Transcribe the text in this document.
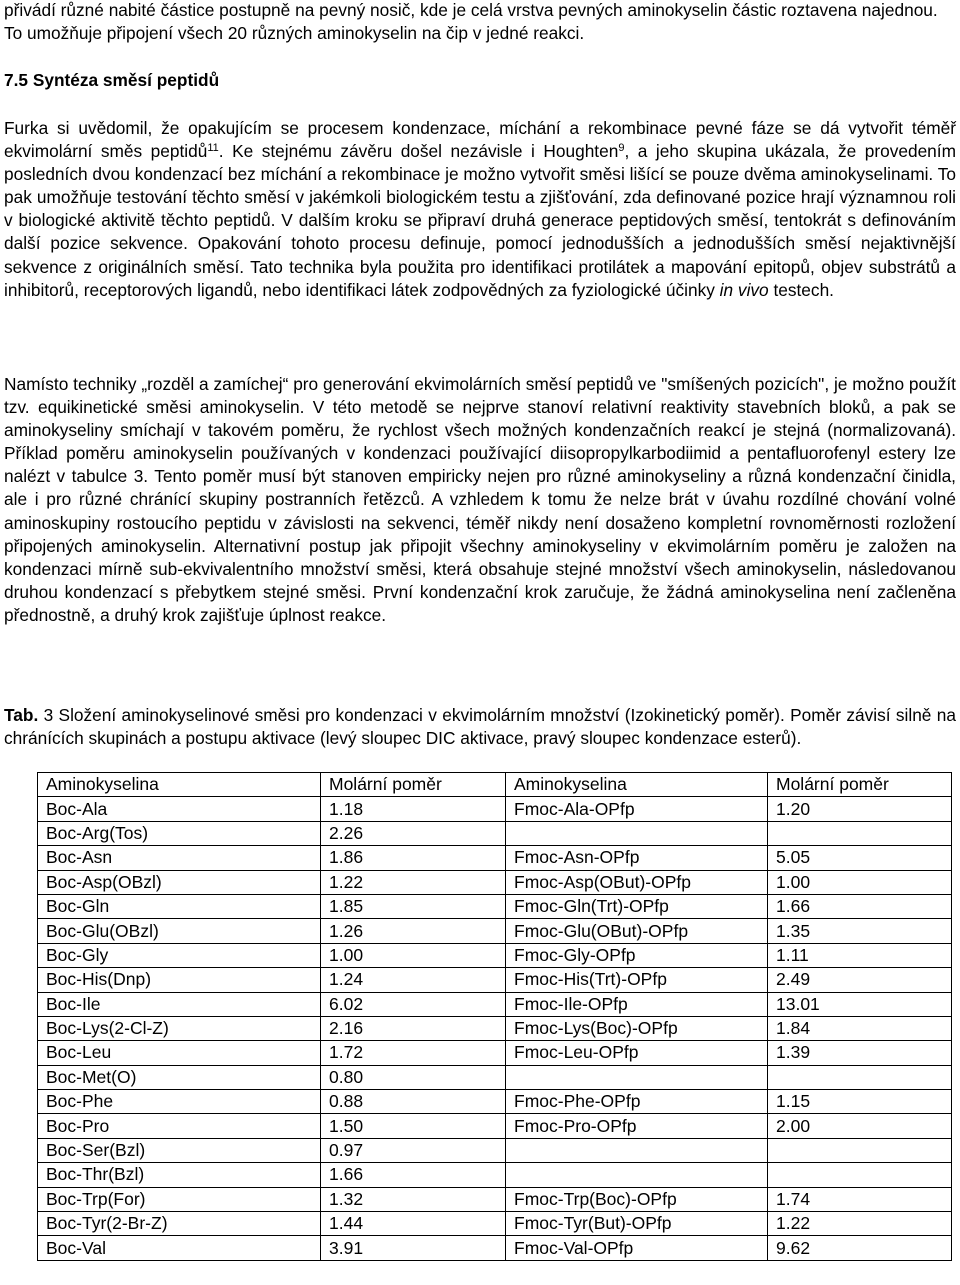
přivádí různé nabité částice postupně na pevný nosič, kde je celá vrstva pevných aminokyselin částic roztavena najednou. To umožňuje připojení všech 20 různých aminokyselin na čip v jedné reakci.

7.5 Syntéza směsí peptidů

Furka si uvědomil, že opakujícím se procesem kondenzace, míchání a rekombinace pevné fáze se dá vytvořit téměř ekvimolární směs peptidů$^{11}$. Ke stejnému závěru došel nezávisle i Houghten$^9$, a jeho skupina ukázala, že provedením posledních dvou kondenzací bez míchání a rekombinace je možno vytvořit směsi lišící se pouze dvěma aminokyselinami. To pak umožňuje testování těchto směsí v jakémkoli biologickém testu a zjišťování, zda definované pozice hrají významnou roli v biologické aktivitě těchto peptidů. V dalším kroku se připraví druhá generace peptidových směsí, tentokrát s definováním další pozice sekvence. Opakování tohoto procesu definuje, pomocí jednodušších a jednodušších směsí nejaktivnější sekvence z originálních směsí. Tato technika byla použita pro identifikaci protilátek a mapování epitopů, objev substrátů a inhibitorů, receptorových ligandů, nebo identifikaci látek zodpovědných za fyziologické účinky in vivo testech.

Namísto techniky „rozděl a zamíchej“ pro generování ekvimolárních směsí peptidů ve "smíšených pozicích", je možno použít tzv. equikinetické směsi aminokyselin. V této metodě se nejprve stanoví relativní reaktivity stavebních bloků, a pak se aminokyseliny smíchají v takovém poměru, že rychlost všech možných kondenzačních reakcí je stejná (normalizovaná). Příklad poměru aminokyselin používaných v kondenzaci používající diisopropylkarbodiimid a pentafluorofenyl estery lze nalézt v tabulce 3. Tento poměr musí být stanoven empiricky nejen pro různé aminokyseliny a různá kondenzační činidla, ale i pro různé chránící skupiny postranních řetězců. A vzhledem k tomu že nelze brát v úvahu rozdílné chování volné aminoskupiny rostoucího peptidu v závislosti na sekvenci, téměř nikdy není dosaženo kompletní rovnoměrnosti rozložení připojených aminokyselin. Alternativní postup jak připojit všechny aminokyseliny v ekvimolárním poměru je založen na kondenzaci mírně sub-ekvivalentního množství směsi, která obsahuje stejné množství všech aminokyselin, následovanou druhou kondenzací s přebytkem stejné směsi. První kondenzační krok zaručuje, že žádná aminokyselina není začleněna přednostně, a druhý krok zajišťuje úplnost reakce.

Tab. 3 Složení aminokyselinové směsi pro kondenzaci v ekvimolárním množství (Izokinetický poměr). Poměr závisí silně na chránících skupinách a postupu aktivace (levý sloupec DIC aktivace, pravý sloupec kondenzace esterů).

Aminokyselina	Molární poměr	Aminokyselina	Molární poměr
Boc-Ala	1.18	Fmoc-Ala-OPfp	1.20
Boc-Arg(Tos)	2.26		
Boc-Asn	1.86	Fmoc-Asn-OPfp	5.05
Boc-Asp(OBzl)	1.22	Fmoc-Asp(OBut)-OPfp	1.00
Boc-Gln	1.85	Fmoc-Gln(Trt)-OPfp	1.66
Boc-Glu(OBzl)	1.26	Fmoc-Glu(OBut)-OPfp	1.35
Boc-Gly	1.00	Fmoc-Gly-OPfp	1.11
Boc-His(Dnp)	1.24	Fmoc-His(Trt)-OPfp	2.49
Boc-Ile	6.02	Fmoc-Ile-OPfp	13.01
Boc-Lys(2-Cl-Z)	2.16	Fmoc-Lys(Boc)-OPfp	1.84
Boc-Leu	1.72	Fmoc-Leu-OPfp	1.39
Boc-Met(O)	0.80		
Boc-Phe	0.88	Fmoc-Phe-OPfp	1.15
Boc-Pro	1.50	Fmoc-Pro-OPfp	2.00
Boc-Ser(Bzl)	0.97		
Boc-Thr(Bzl)	1.66		
Boc-Trp(For)	1.32	Fmoc-Trp(Boc)-OPfp	1.74
Boc-Tyr(2-Br-Z)	1.44	Fmoc-Tyr(But)-OPfp	1.22
Boc-Val	3.91	Fmoc-Val-OPfp	9.62
